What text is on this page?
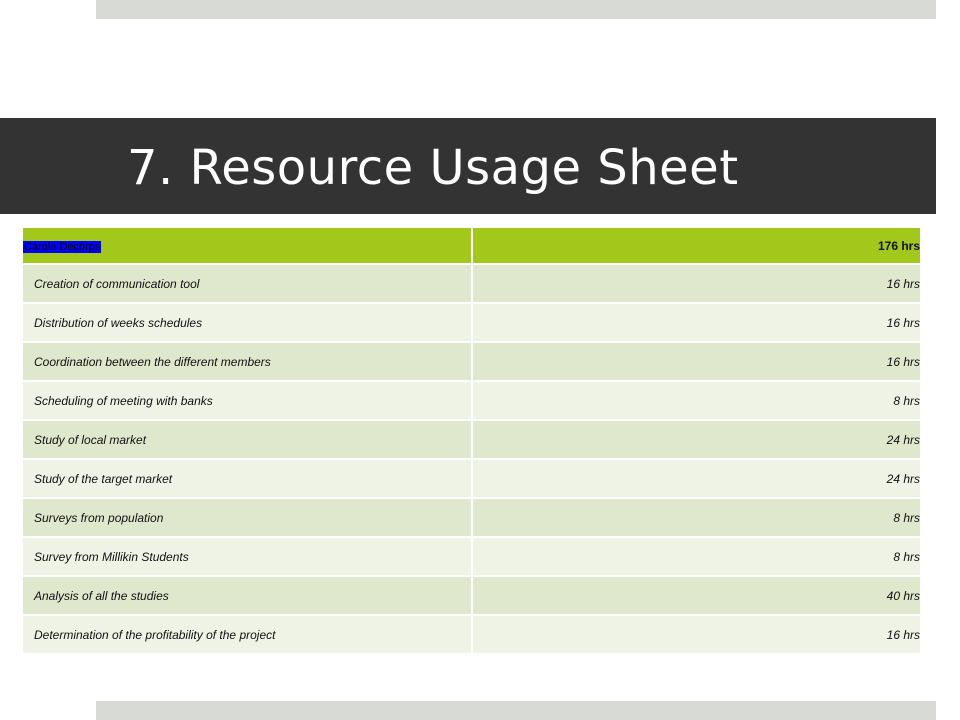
7. Resource Usage Sheet
Carole Decorps	176 hrs
Creation of communication tool	16 hrs
Distribution of weeks schedules	16 hrs
Coordination between the different members	16 hrs
Scheduling of meeting with banks	8 hrs
Study of local market	24 hrs
Study of the target market	24 hrs
Surveys from population	8 hrs
Survey from Millikin Students	8 hrs
Analysis of all the studies	40 hrs
Determination of the profitability of the project	16 hrs
